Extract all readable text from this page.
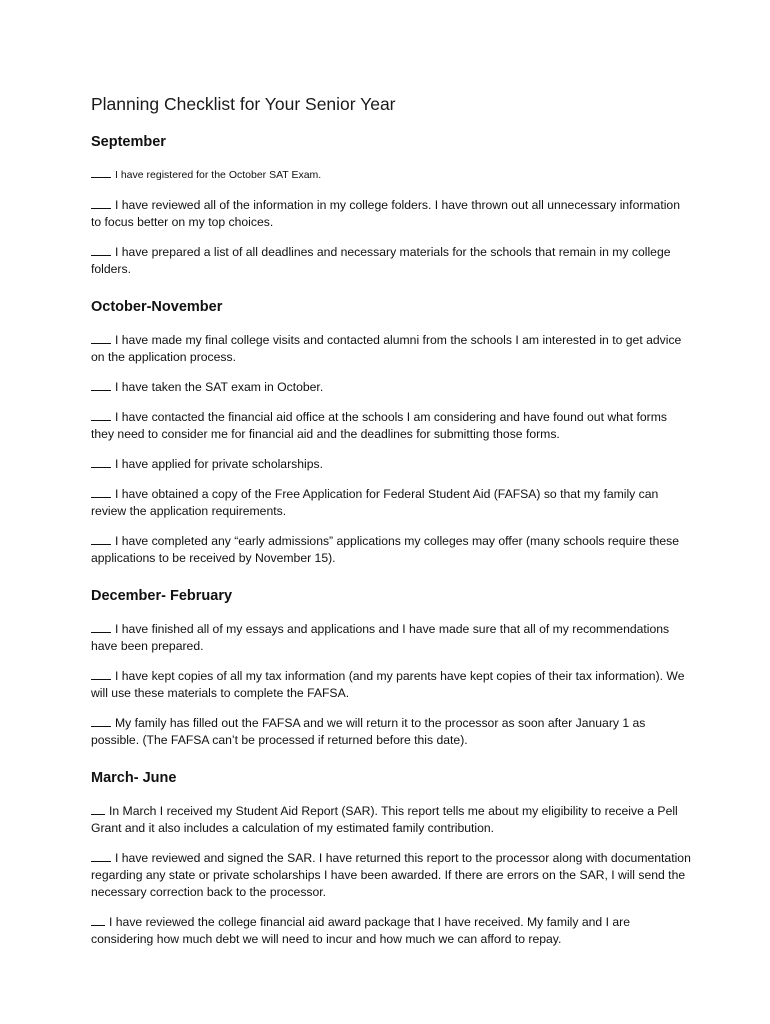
Planning Checklist for Your Senior Year
September

I have registered for the October SAT Exam.

I have reviewed all of the information in my college folders. I have thrown out all unnecessary information to focus better on my top choices.

I have prepared a list of all deadlines and necessary materials for the schools that remain in my college folders.

October-November

I have made my final college visits and contacted alumni from the schools I am interested in to get advice on the application process.

I have taken the SAT exam in October.

I have contacted the financial aid office at the schools I am considering and have found out what forms they need to consider me for financial aid and the deadlines for submitting those forms.

I have applied for private scholarships.

I have obtained a copy of the Free Application for Federal Student Aid (FAFSA) so that my family can review the application requirements.

I have completed any “early admissions” applications my colleges may offer (many schools require these applications to be received by November 15).

December- February

I have finished all of my essays and applications and I have made sure that all of my recommendations have been prepared.

I have kept copies of all my tax information (and my parents have kept copies of their tax information). We will use these materials to complete the FAFSA.

My family has filled out the FAFSA and we will return it to the processor as soon after January 1 as possible. (The FAFSA can’t be processed if returned before this date).

March- June

In March I received my Student Aid Report (SAR). This report tells me about my eligibility to receive a Pell Grant and it also includes a calculation of my estimated family contribution.

I have reviewed and signed the SAR. I have returned this report to the processor along with documentation regarding any state or private scholarships I have been awarded. If there are errors on the SAR, I will send the necessary correction back to the processor.

I have reviewed the college financial aid award package that I have received. My family and I are considering how much debt we will need to incur and how much we can afford to repay.
